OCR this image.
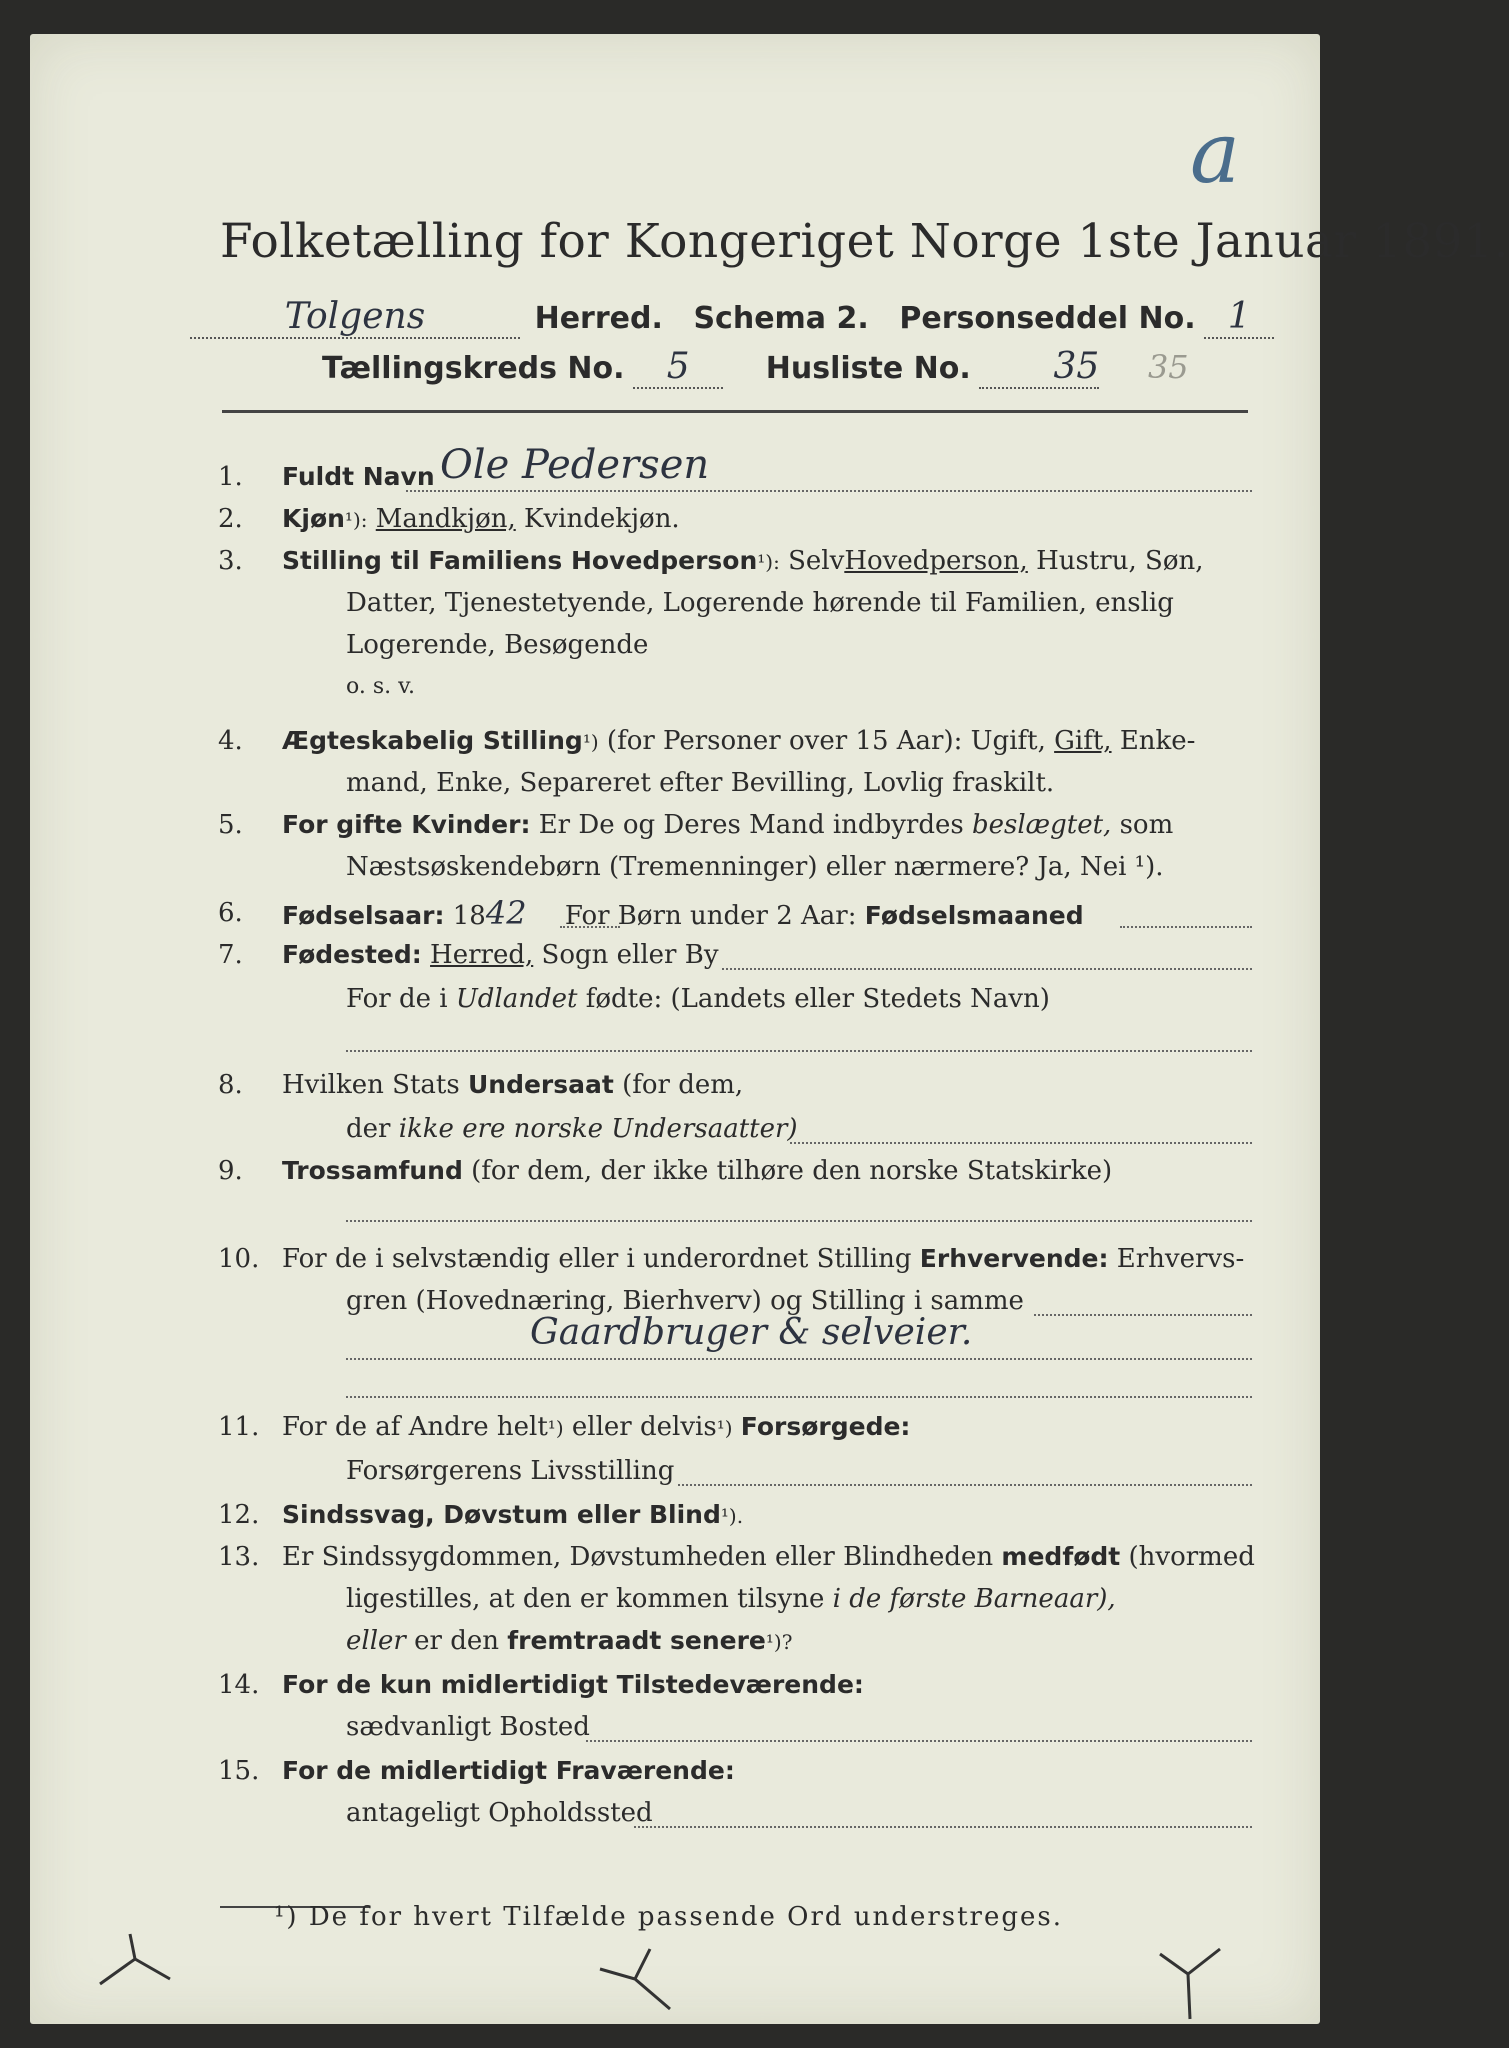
a
Folketælling for Kongeriget Norge 1ste Januar 1891.
Tolgens	Herred. Schema 2. Personseddel No. 1
Tællingskreds No. 5	Husliste No. 35 35
1.	Fuldt Navn Ole Pedersen
2.	Kjøn¹): Mandkjøn, Kvindekjøn.
3.	Stilling til Familiens Hovedperson¹): SelvHovedperson, Hustru, Søn,
Datter, Tjenestetyende, Logerende hørende til Familien, enslig
Logerende, Besøgende
o. s. v.
4.	Ægteskabelig Stilling¹) (for Personer over 15 Aar): Ugift, Gift, Enke-
mand, Enke, Separeret efter Bevilling, Lovlig fraskilt.
5.	For gifte Kvinder: Er De og Deres Mand indbyrdes beslægtet, som
Næstsøskendebørn (Tremenninger) eller nærmere? Ja, Nei ¹).
6.	Fødselsaar: 1842 For Børn under 2 Aar: Fødselsmaaned
7.	Fødested: Herred, Sogn eller By
For de i Udlandet fødte: (Landets eller Stedets Navn)
8.	Hvilken Stats Undersaat (for dem,
der ikke ere norske Undersaatter)
9.	Trossamfund (for dem, der ikke tilhøre den norske Statskirke)
10. For de i selvstændig eller i underordnet Stilling Erhvervende: Erhvervs-
gren (Hovednæring, Bierhverv) og Stilling i samme
Gaardbruger & selveier.
11. For de af Andre helt¹) eller delvis¹) Forsørgede:
Forsørgerens Livsstilling
12. Sindssvag, Døvstum eller Blind¹).
13. Er Sindssygdommen, Døvstumheden eller Blindheden medfødt (hvormed
ligestilles, at den er kommen tilsyne i de første Barneaar),
eller er den fremtraadt senere¹)?
14. For de kun midlertidigt Tilstedeværende:
sædvanligt Bosted
15. For de midlertidigt Fraværende:
antageligt Opholdssted
¹) De for hvert Tilfælde passende Ord understreges.
